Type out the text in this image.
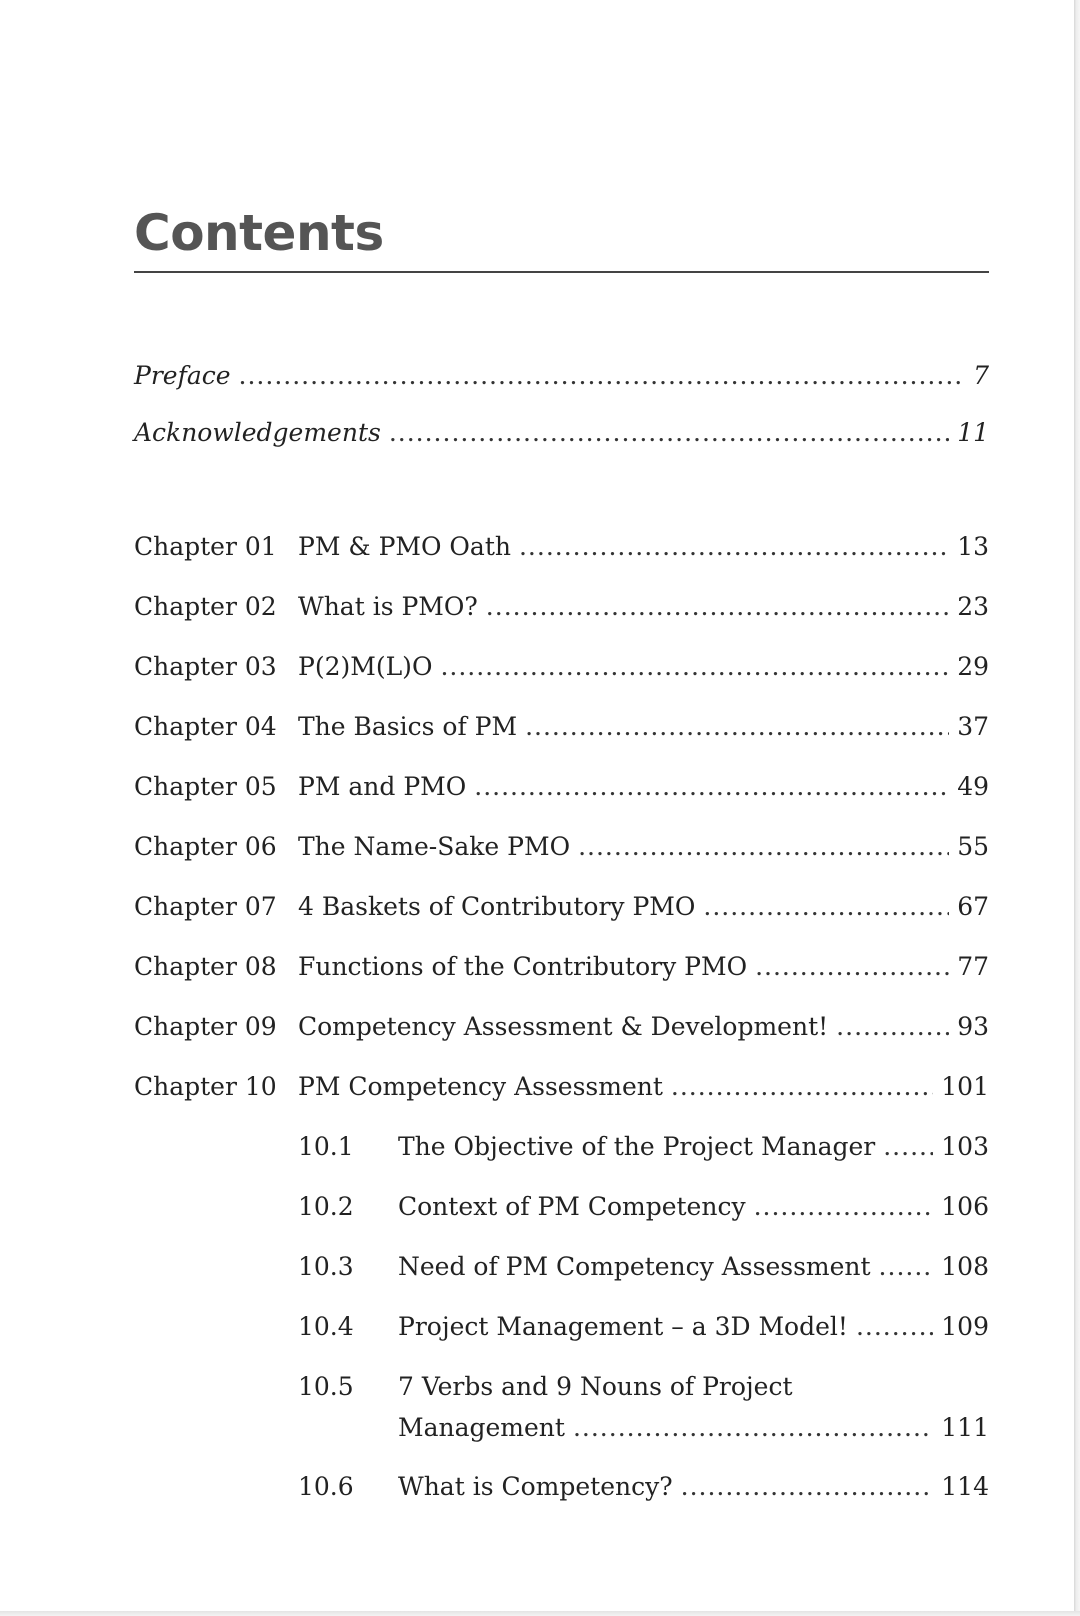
Contents
Preface .....	7
Acknowledgements .....	11
Chapter 01 PM & PMO Oath .....	13
Chapter 02 What is PMO? .....	23
Chapter 03 P(2)M(L)O .....	29
Chapter 04 The Basics of PM .....	37
Chapter 05 PM and PMO .....	49
Chapter 06 The Name-Sake PMO .....	55
Chapter 07 4 Baskets of Contributory PMO .....	67
Chapter 08 Functions of the Contributory PMO .....	77
Chapter 09 Competency Assessment & Development! .....	93
Chapter 10 PM Competency Assessment .....	101
10.1 The Objective of the Project Manager .....	103
10.2 Context of PM Competency .....	106
10.3 Need of PM Competency Assessment .....	108
10.4 Project Management – a 3D Model! .....	109
10.5 7 Verbs and 9 Nouns of Project
Management .....	111
10.6 What is Competency? .....	114
